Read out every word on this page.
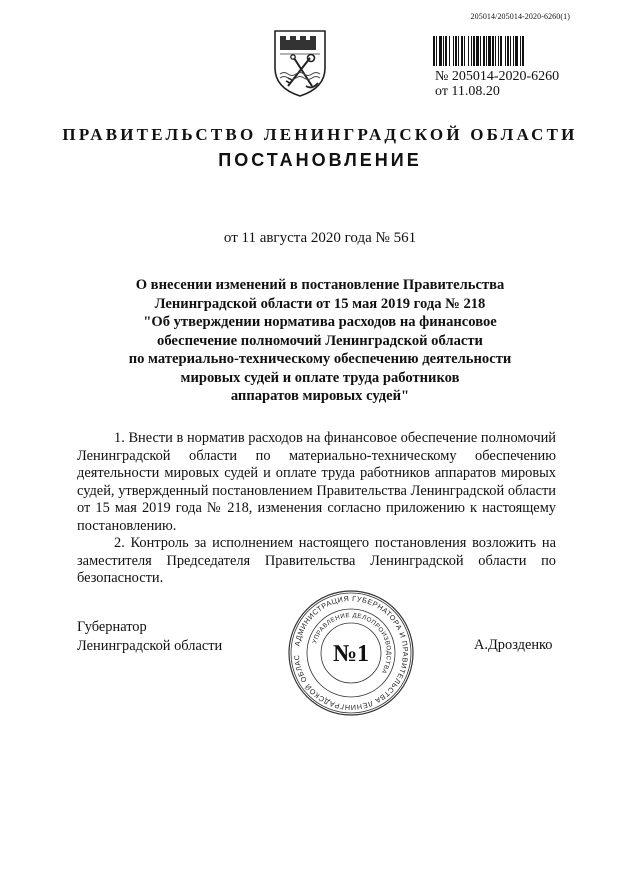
205014/205014-2020-6260(1)
№ 205014-2020-6260
от 11.08.20
ПРАВИТЕЛЬСТВО ЛЕНИНГРАДСКОЙ ОБЛАСТИ
ПОСТАНОВЛЕНИЕ
от 11 августа 2020 года № 561
О внесении изменений в постановление Правительства
Ленинградской области от 15 мая 2019 года № 218
"Об утверждении норматива расходов на финансовое
обеспечение полномочий Ленинградской области
по материально-техническому обеспечению деятельности
мировых судей и оплате труда работников
аппаратов мировых судей"

1. Внести в норматив расходов на финансовое обеспечение полномочий Ленинградской области по материально-техническому обеспечению деятельности мировых судей и оплате труда работников аппаратов мировых судей, утвержденный постановлением Правительства Ленинградской области от 15 мая 2019 года № 218, изменения согласно приложению к настоящему постановлению.

2. Контроль за исполнением настоящего постановления возложить на заместителя Председателя Правительства Ленинградской области по безопасности.

Губернатор
Ленинградской области	АДМИНИСТРАЦИЯ ГУБЕРНАТОРА И ПРАВИТЕЛЬСТВА ЛЕНИНГРАДСКОЙ ОБЛАС
УПРАВЛЕНИЕ ДЕЛОПРОИЗВОДСТВА
№1	А.Дрозденко
